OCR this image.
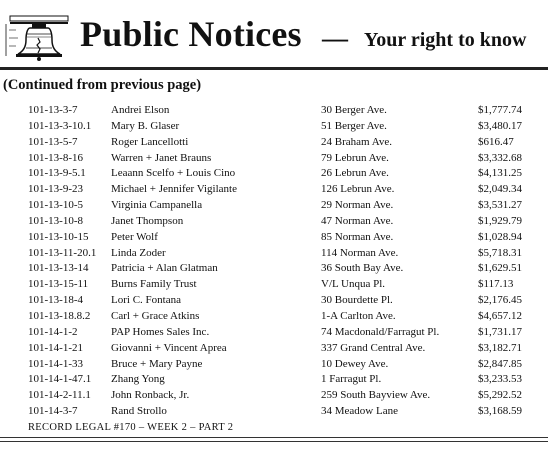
Public Notices — Your right to know
(Continued from previous page)
101-13-3-7	Andrei Elson	30 Berger Ave.	$1,777.74
101-13-3-10.1 Mary B. Glaser	51 Berger Ave.	$3,480.17
101-13-5-7	Roger Lancellotti	24 Braham Ave.	$616.47
101-13-8-16	Warren + Janet Brauns	79 Lebrun Ave.	$3,332.68
101-13-9-5.1 Leaann Scelfo + Louis Cino	26 Lebrun Ave.	$4,131.25
101-13-9-23	Michael + Jennifer Vigilante	126 Lebrun Ave.	$2,049.34
101-13-10-5	Virginia Campanella	29 Norman Ave.	$3,531.27
101-13-10-8	Janet Thompson	47 Norman Ave.	$1,929.79
101-13-10-15 Peter Wolf	85 Norman Ave.	$1,028.94
101-13-11-20.1 Linda Zoder	114 Norman Ave.	$5,718.31
101-13-13-14 Patricia + Alan Glatman	36 South Bay Ave.	$1,629.51
101-13-15-11 Burns Family Trust	V/L Unqua Pl.	$117.13
101-13-18-4	Lori C. Fontana	30 Bourdette Pl.	$2,176.45
101-13-18.8.2 Carl + Grace Atkins	1-A Carlton Ave.	$4,657.12
101-14-1-2	PAP Homes Sales Inc.	74 Macdonald/Farragut Pl.	$1,731.17
101-14-1-21	Giovanni + Vincent Aprea	337 Grand Central Ave.	$3,182.71
101-14-1-33	Bruce + Mary Payne	10 Dewey Ave.	$2,847.85
101-14-1-47.1 Zhang Yong	1 Farragut Pl.	$3,233.53
101-14-2-11.1 John Ronback, Jr.	259 South Bayview Ave.	$5,292.52
101-14-3-7	Rand Strollo	34 Meadow Lane	$3,168.59
RECORD LEGAL #170 – WEEK 2 – PART 2
